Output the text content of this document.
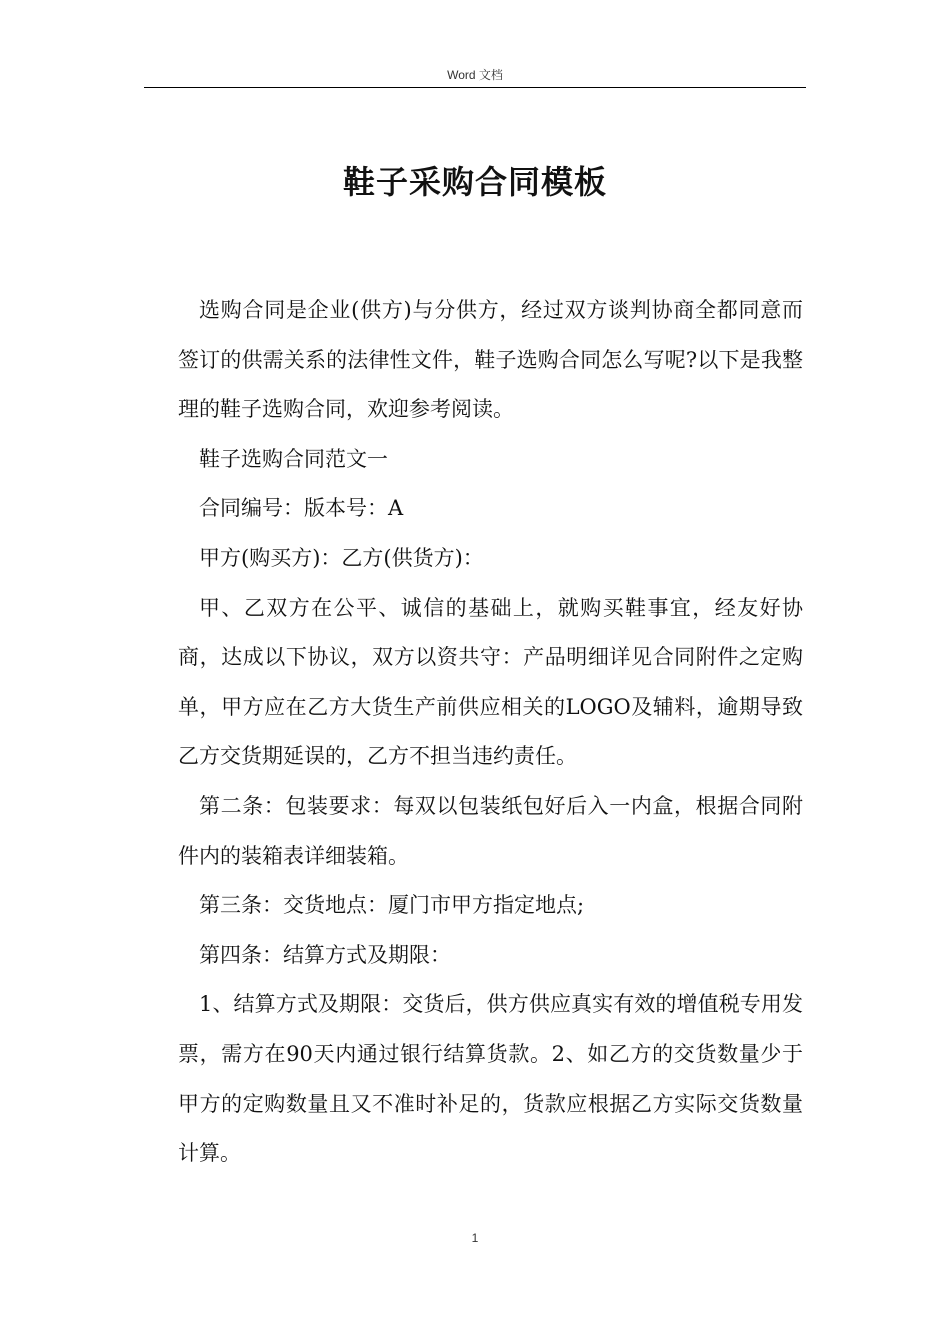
Word 文档
鞋子采购合同模板

选购合同是企业(供方)与分供方，经过双方谈判协商全都同意而签订的供需关系的法律性文件，鞋子选购合同怎么写呢?以下是我整理的鞋子选购合同，欢迎参考阅读。

鞋子选购合同范文一

合同编号：版本号：A

甲方(购买方)：乙方(供货方)：

甲、乙双方在公平、诚信的基础上，就购买鞋事宜，经友好协商，达成以下协议，双方以资共守：产品明细详见合同附件之定购单，甲方应在乙方大货生产前供应相关的LOGO及辅料，逾期导致乙方交货期延误的，乙方不担当违约责任。

第二条：包装要求：每双以包装纸包好后入一内盒，根据合同附件内的装箱表详细装箱。

第三条：交货地点：厦门市甲方指定地点;

第四条：结算方式及期限：

1、结算方式及期限：交货后，供方供应真实有效的增值税专用发票，需方在90天内通过银行结算货款。2、如乙方的交货数量少于甲方的定购数量且又不准时补足的，货款应根据乙方实际交货数量计算。

1
